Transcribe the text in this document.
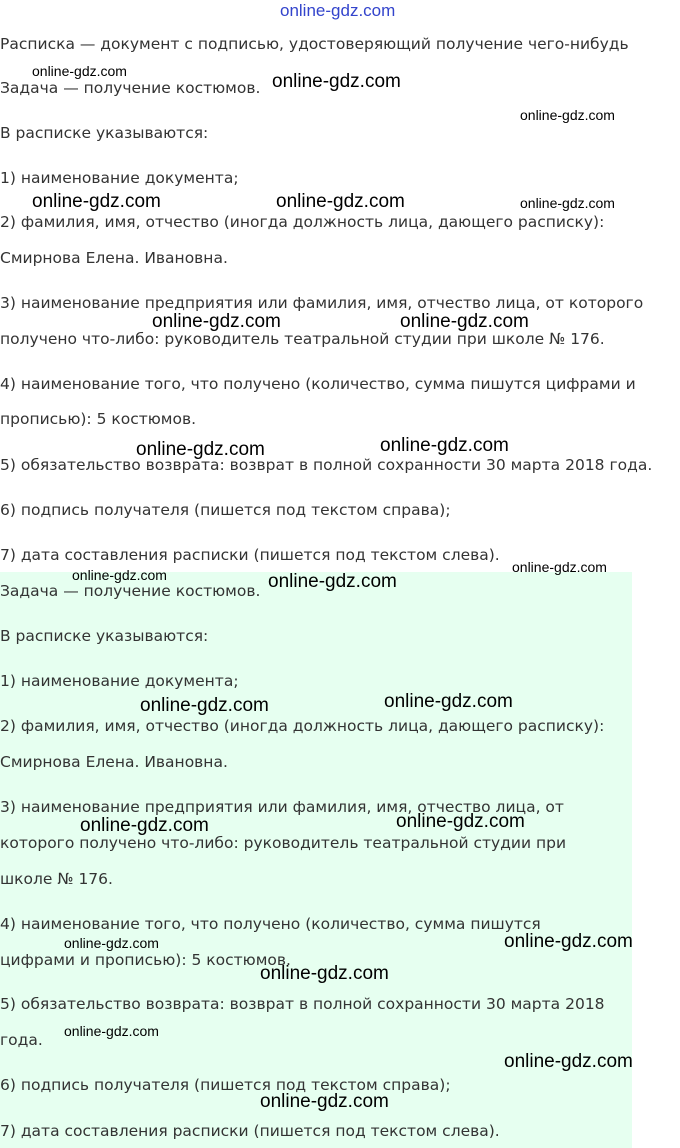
online-gdz.com
Расписка — документ с подписью, удостоверяющий получение чего-нибудь
Задача — получение костюмов.
В расписке указываются:
1) наименование документа;
2) фамилия, имя, отчество (иногда должность лица, дающего расписку):
Смирнова Елена. Ивановна.
3) наименование предприятия или фамилия, имя, отчество лица, от которого
получено что-либо: руководитель театральной студии при школе № 176.
4) наименование того, что получено (количество, сумма пишутся цифрами и
прописью): 5 костюмов.
5) обязательство возврата: возврат в полной сохранности 30 марта 2018 года.
6) подпись получателя (пишется под текстом справа);
7) дата составления расписки (пишется под текстом слева).
Задача — получение костюмов.
В расписке указываются:
1) наименование документа;
2) фамилия, имя, отчество (иногда должность лица, дающего расписку):
Смирнова Елена. Ивановна.
3) наименование предприятия или фамилия, имя, отчество лица, от
которого получено что-либо: руководитель театральной студии при
школе № 176.
4) наименование того, что получено (количество, сумма пишутся
цифрами и прописью): 5 костюмов.
5) обязательство возврата: возврат в полной сохранности 30 марта 2018
года.
6) подпись получателя (пишется под текстом справа);
7) дата составления расписки (пишется под текстом слева).
online-gdz.com	online-gdz.com
online-gdz.com
online-gdz.com	online-gdz.com	online-gdz.com
online-gdz.com	online-gdz.com
online-gdz.com	online-gdz.com
online-gdz.com
online-gdz.com	online-gdz.com
online-gdz.com	online-gdz.com
online-gdz.com	online-gdz.com
online-gdz.com	online-gdz.com
online-gdz.com
online-gdz.com
online-gdz.com
online-gdz.com
